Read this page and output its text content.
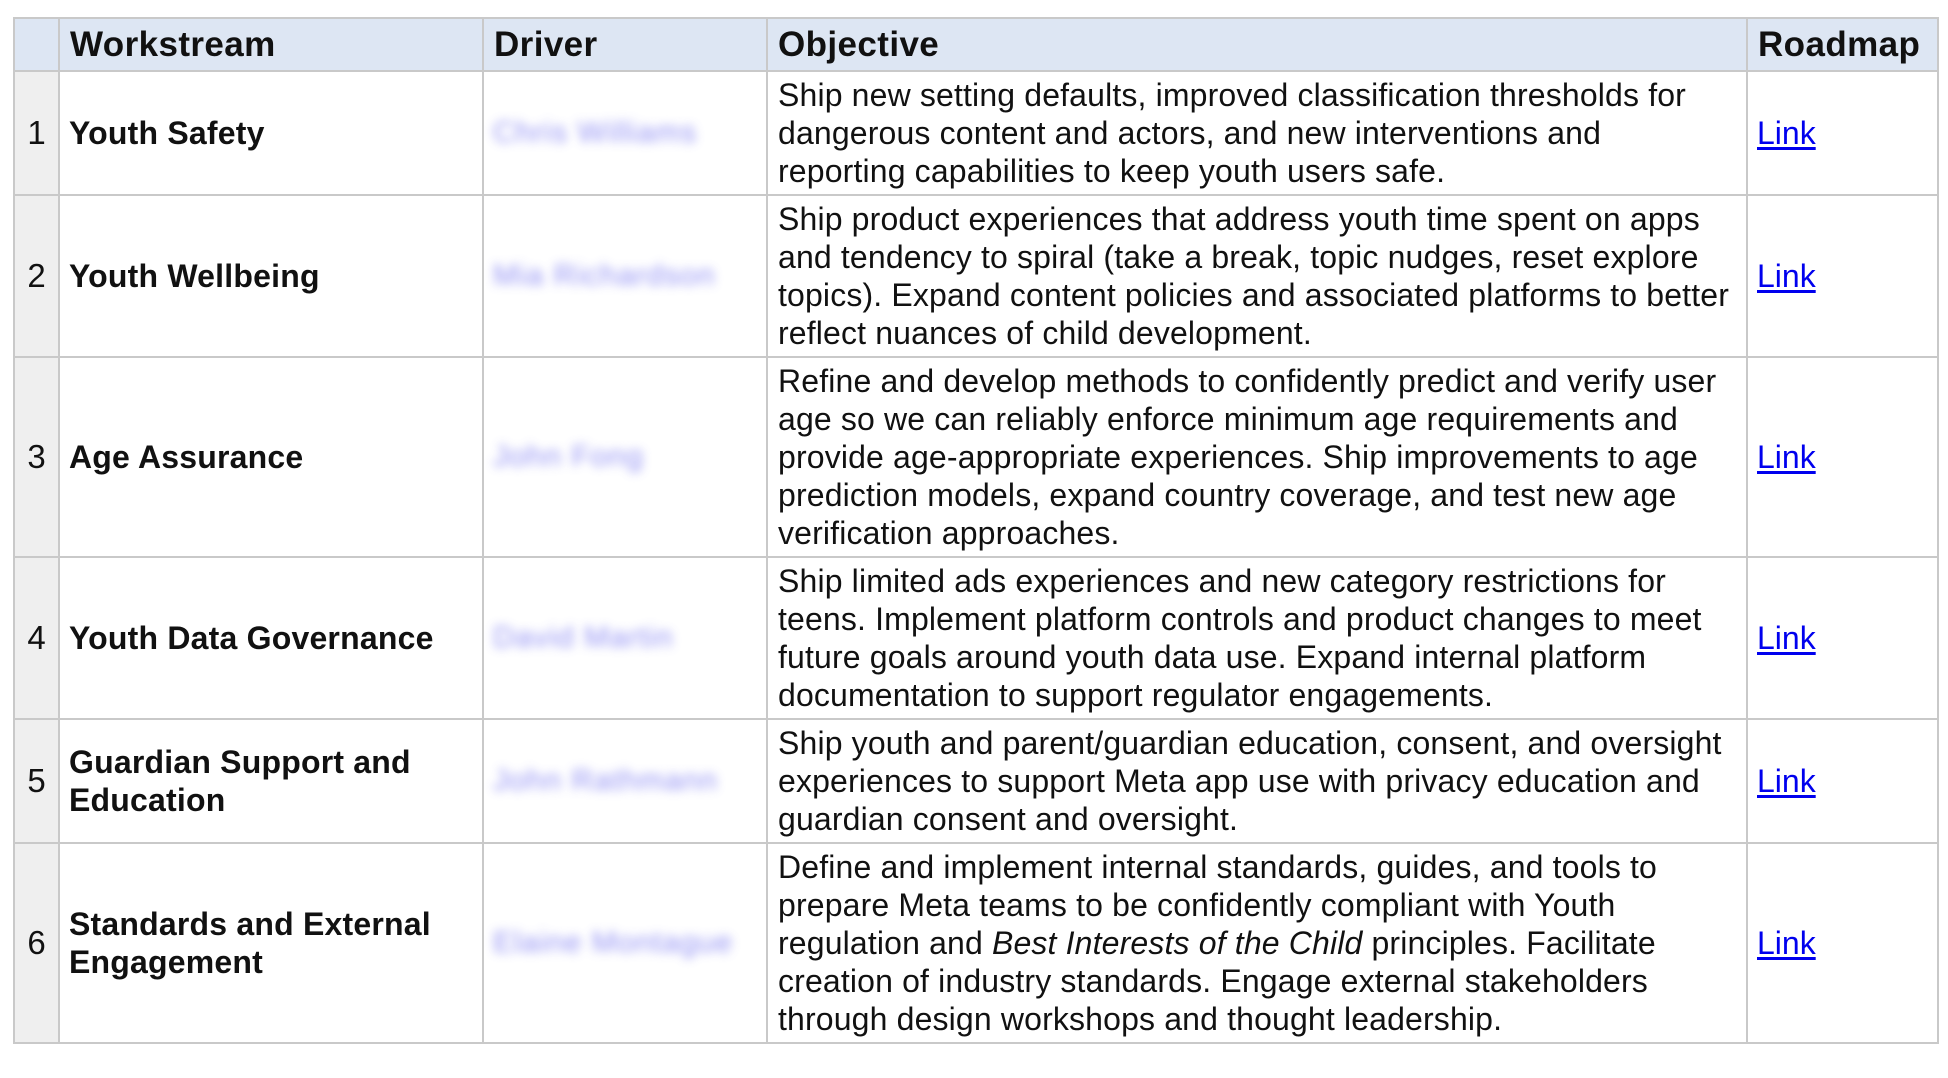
	Workstream	Driver	Objective	Roadmap
1	Youth Safety	Chris Williams	Ship new setting defaults, improved classification thresholds for dangerous content and actors, and new interventions and reporting capabilities to keep youth users safe.	Link
2	Youth Wellbeing	Mia Richardson	Ship product experiences that address youth time spent on apps and tendency to spiral (take a break, topic nudges, reset explore topics). Expand content policies and associated platforms to better reflect nuances of child development.	Link
3	Age Assurance	John Fong	Refine and develop methods to confidently predict and verify user age so we can reliably enforce minimum age requirements and provide age-appropriate experiences. Ship improvements to age prediction models, expand country coverage, and test new age verification approaches.	Link
4	Youth Data Governance	David Martin	Ship limited ads experiences and new category restrictions for teens. Implement platform controls and product changes to meet future goals around youth data use. Expand internal platform documentation to support regulator engagements.	Link
5	Guardian Support and Education	John Rathmann	Ship youth and parent/guardian education, consent, and oversight experiences to support Meta app use with privacy education and guardian consent and oversight.	Link
6	Standards and External Engagement	Elaine Montague	Define and implement internal standards, guides, and tools to prepare Meta teams to be confidently compliant with Youth regulation and Best Interests of the Child principles. Facilitate creation of industry standards. Engage external stakeholders through design workshops and thought leadership.	Link
